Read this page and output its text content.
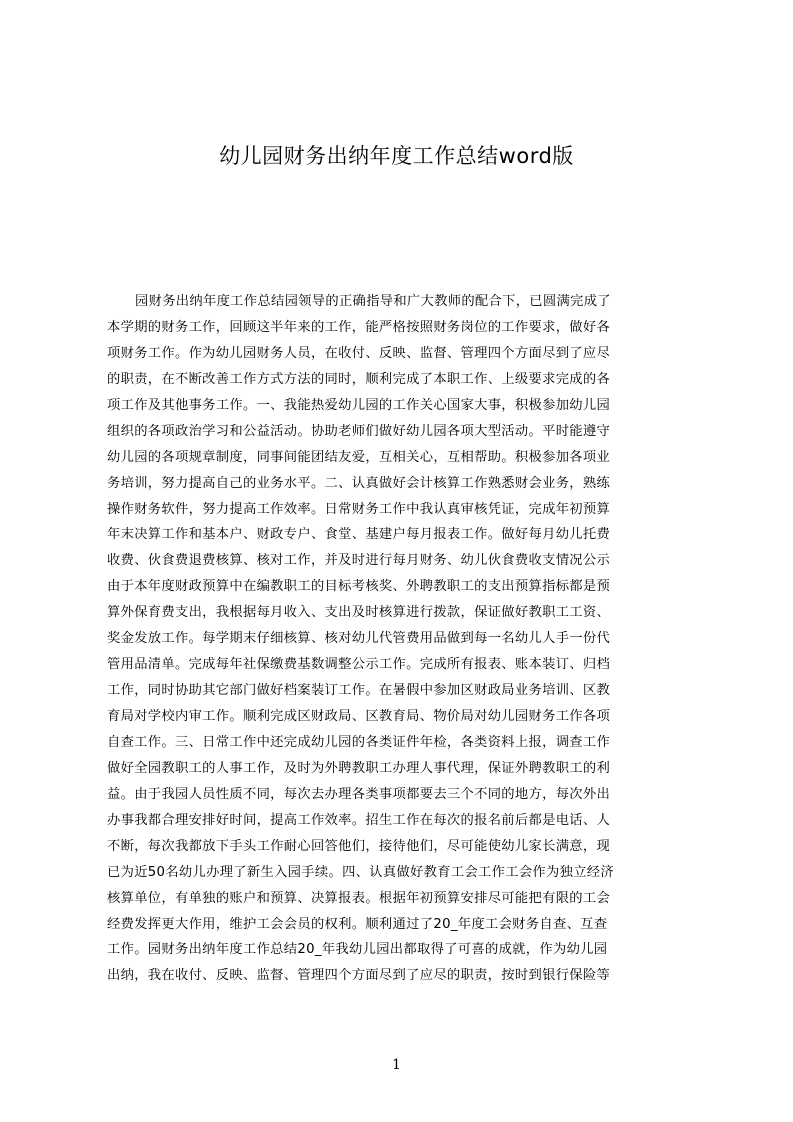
幼儿园财务出纳年度工作总结word版
园财务出纳年度工作总结园领导的正确指导和广大教师的配合下，已圆满完成了
本学期的财务工作，回顾这半年来的工作，能严格按照财务岗位的工作要求，做好各
项财务工作。作为幼儿园财务人员，在收付、反映、监督、管理四个方面尽到了应尽
的职责，在不断改善工作方式方法的同时，顺利完成了本职工作、上级要求完成的各
项工作及其他事务工作。一、我能热爱幼儿园的工作关心国家大事，积极参加幼儿园
组织的各项政治学习和公益活动。协助老师们做好幼儿园各项大型活动。平时能遵守
幼儿园的各项规章制度，同事间能团结友爱，互相关心，互相帮助。积极参加各项业
务培训，努力提高自己的业务水平。二、认真做好会计核算工作熟悉财会业务，熟练
操作财务软件，努力提高工作效率。日常财务工作中我认真审核凭证，完成年初预算
年末决算工作和基本户、财政专户、食堂、基建户每月报表工作。做好每月幼儿托费
收费、伙食费退费核算、核对工作，并及时进行每月财务、幼儿伙食费收支情况公示
由于本年度财政预算中在编教职工的目标考核奖、外聘教职工的支出预算指标都是预
算外保育费支出，我根据每月收入、支出及时核算进行拨款，保证做好教职工工资、
奖金发放工作。每学期末仔细核算、核对幼儿代管费用品做到每一名幼儿人手一份代
管用品清单。完成每年社保缴费基数调整公示工作。完成所有报表、账本装订、归档
工作，同时协助其它部门做好档案装订工作。在暑假中参加区财政局业务培训、区教
育局对学校内审工作。顺利完成区财政局、区教育局、物价局对幼儿园财务工作各项
自查工作。三、日常工作中还完成幼儿园的各类证件年检，各类资料上报，调查工作
做好全园教职工的人事工作，及时为外聘教职工办理人事代理，保证外聘教职工的利
益。由于我园人员性质不同，每次去办理各类事项都要去三个不同的地方，每次外出
办事我都合理安排好时间，提高工作效率。招生工作在每次的报名前后都是电话、人
不断，每次我都放下手头工作耐心回答他们，接待他们，尽可能使幼儿家长满意，现
已为近50名幼儿办理了新生入园手续。四、认真做好教育工会工作工会作为独立经济
核算单位，有单独的账户和预算、决算报表。根据年初预算安排尽可能把有限的工会
经费发挥更大作用，维护工会会员的权利。顺利通过了20_年度工会财务自查、互查
工作。园财务出纳年度工作总结20_年我幼儿园出都取得了可喜的成就，作为幼儿园
出纳，我在收付、反映、监督、管理四个方面尽到了应尽的职责，按时到银行保险等
1
